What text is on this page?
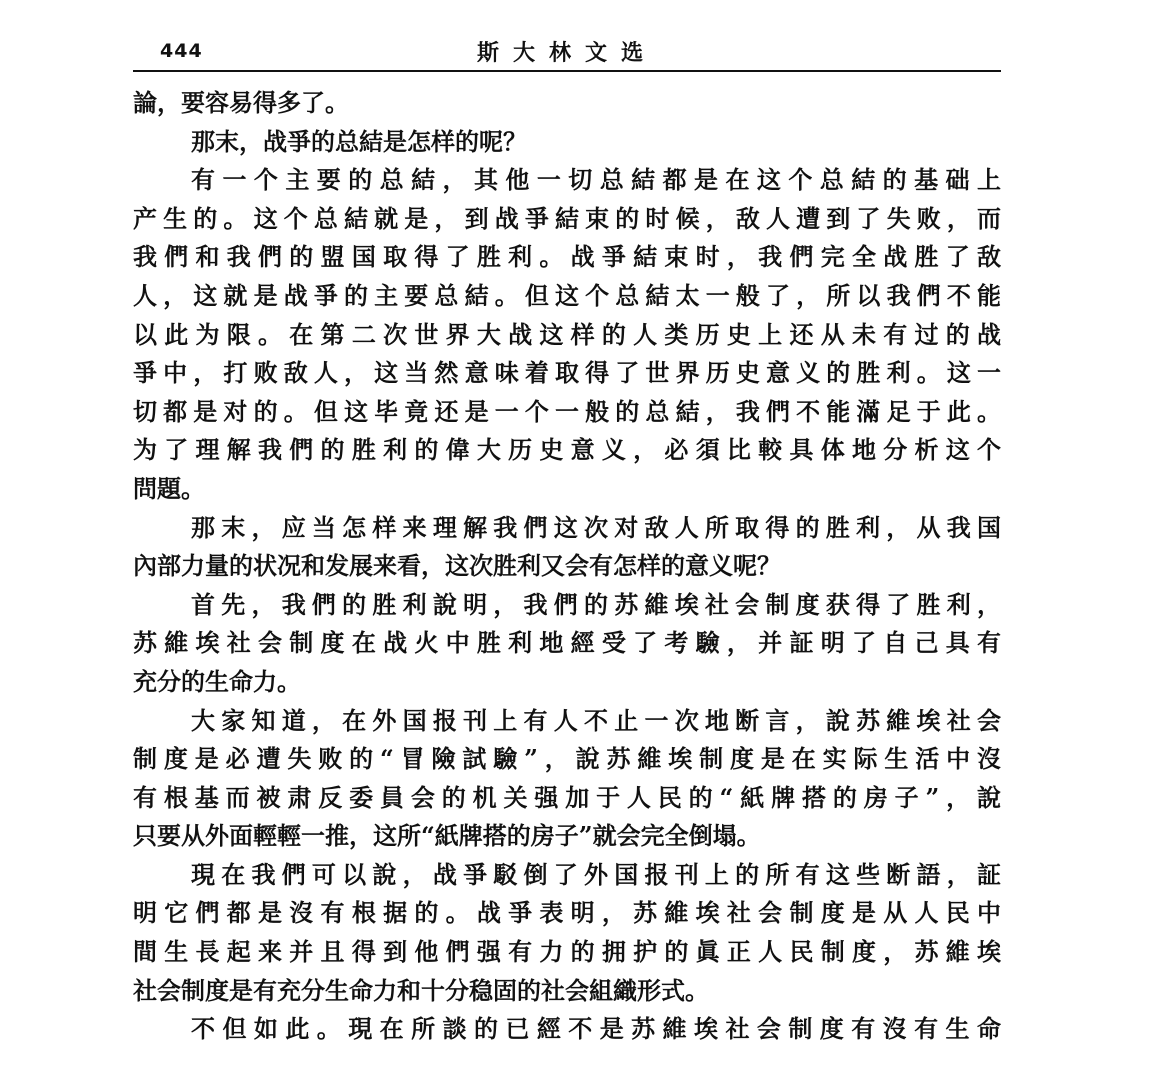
444	斯大林文选
論，要容易得多了。
那末，战爭的总結是怎样的呢？
有一个主要的总結，其他一切总結都是在这个总結的基础上
产生的。这个总結就是，到战爭結束的时候，敌人遭到了失败，而
我們和我們的盟国取得了胜利。战爭結束时，我們完全战胜了敌
人，这就是战爭的主要总結。但这个总結太一般了，所以我們不能
以此为限。在第二次世界大战这样的人类历史上还从未有过的战
爭中，打败敌人，这当然意味着取得了世界历史意义的胜利。这一
切都是对的。但这毕竟还是一个一般的总結，我們不能滿足于此。
为了理解我們的胜利的偉大历史意义，必須比較具体地分析这个
問題。
那末，应当怎样来理解我們这次对敌人所取得的胜利，从我国
內部力量的状况和发展来看，这次胜利又会有怎样的意义呢？
首先，我們的胜利說明，我們的苏維埃社会制度获得了胜利，
苏維埃社会制度在战火中胜利地經受了考驗，并証明了自己具有
充分的生命力。
大家知道，在外国报刊上有人不止一次地断言，說苏維埃社会
制度是必遭失败的“冒險試驗”，說苏維埃制度是在实际生活中沒
有根基而被肃反委員会的机关强加于人民的“紙牌搭的房子”，說
只要从外面輕輕一推，这所“紙牌搭的房子”就会完全倒塌。
現在我們可以說，战爭駁倒了外国报刊上的所有这些断語，証
明它們都是沒有根据的。战爭表明，苏維埃社会制度是从人民中
間生長起来并且得到他們强有力的拥护的眞正人民制度，苏維埃
社会制度是有充分生命力和十分稳固的社会組織形式。
不但如此。現在所談的已經不是苏維埃社会制度有沒有生命
